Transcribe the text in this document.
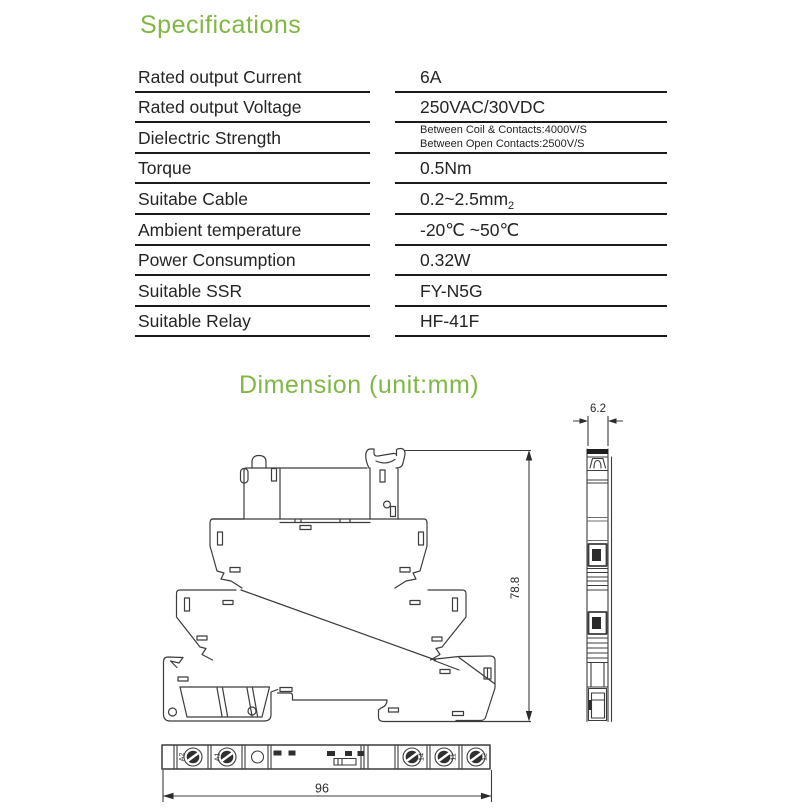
Specifications
Rated output Current	6A
Rated output Voltage	250VAC/30VDC
Dielectric Strength	Between Coil & Contacts:4000V/S
Between Open Contacts:2500V/S
Torque	0.5Nm
Suitabe Cable	$0.2\sim 2.5mm^2$
Ambient temperature	-20℃ ~50℃
Power Consumption	0.32W
Suitable SSR	FY-N5G
Suitable Relay	HF-41F
Dimension (unit:mm)
78.8
6.2
A2	A1	14	11	12
96
